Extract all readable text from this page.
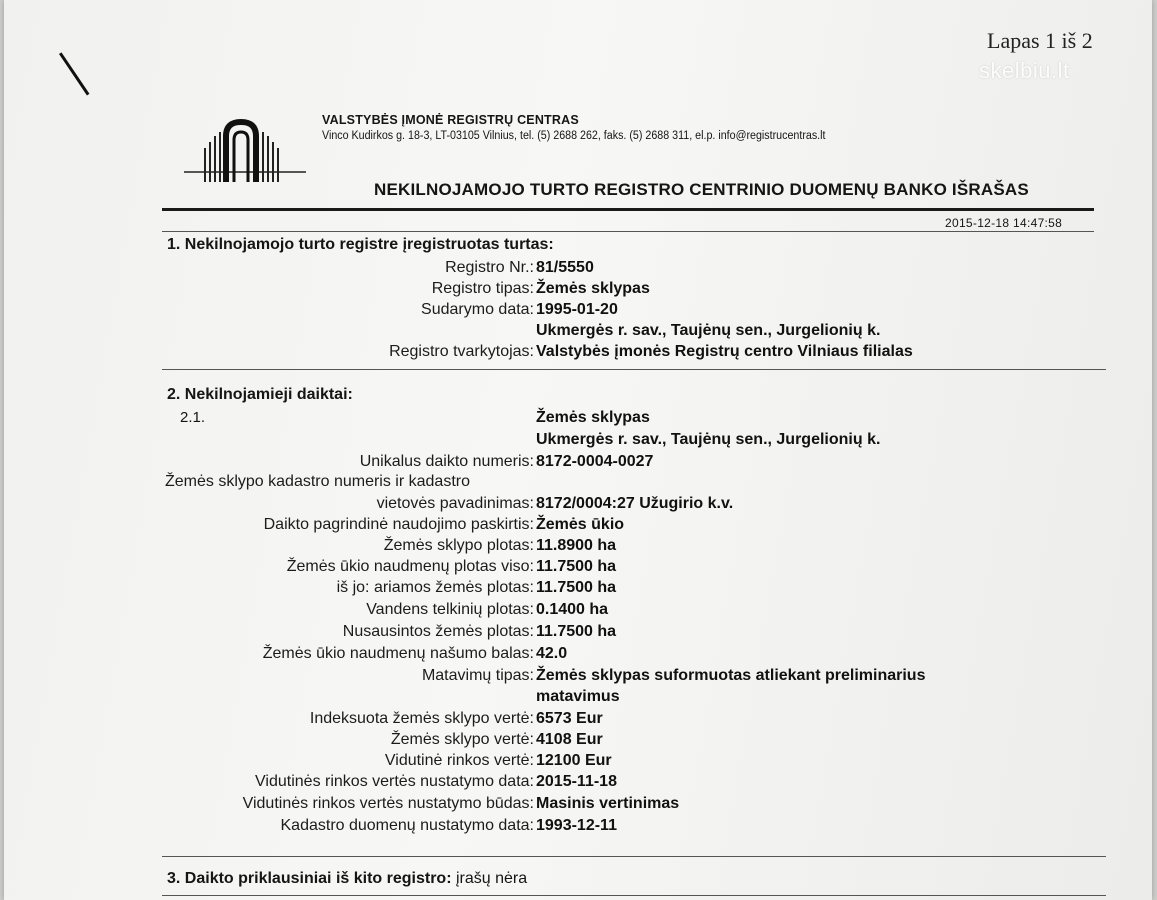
Lapas 1 iš 2
skelbiu.lt
VALSTYBĖS ĮMONĖ REGISTRŲ CENTRAS
Vinco Kudirkos g. 18-3, LT-03105 Vilnius, tel. (5) 2688 262, faks. (5) 2688 311, el.p. info@registrucentras.lt
NEKILNOJAMOJO TURTO REGISTRO CENTRINIO DUOMENŲ BANKO IŠRAŠAS
2015-12-18 14:47:58
1. Nekilnojamojo turto registre įregistruotas turtas:
Registro Nr.: 81/5550
Registro tipas: Žemės sklypas
Sudarymo data: 1995-01-20
Ukmergės r. sav., Taujėnų sen., Jurgelionių k.
Registro tvarkytojas: Valstybės įmonės Registrų centro Vilniaus filialas
2. Nekilnojamieji daiktai:
2.1.	Žemės sklypas
Ukmergės r. sav., Taujėnų sen., Jurgelionių k.
Unikalus daikto numeris: 8172-0004-0027
Žemės sklypo kadastro numeris ir kadastro
vietovės pavadinimas: 8172/0004:27 Užugirio k.v.
Daikto pagrindinė naudojimo paskirtis: Žemės ūkio
Žemės sklypo plotas: 11.8900 ha
Žemės ūkio naudmenų plotas viso: 11.7500 ha
iš jo: ariamos žemės plotas: 11.7500 ha
Vandens telkinių plotas: 0.1400 ha
Nusausintos žemės plotas: 11.7500 ha
Žemės ūkio naudmenų našumo balas: 42.0
Matavimų tipas: Žemės sklypas suformuotas atliekant preliminarius
matavimus
Indeksuota žemės sklypo vertė: 6573 Eur
Žemės sklypo vertė: 4108 Eur
Vidutinė rinkos vertė: 12100 Eur
Vidutinės rinkos vertės nustatymo data: 2015-11-18
Vidutinės rinkos vertės nustatymo būdas: Masinis vertinimas
Kadastro duomenų nustatymo data: 1993-12-11
3. Daikto priklausiniai iš kito registro: įrašų nėra
